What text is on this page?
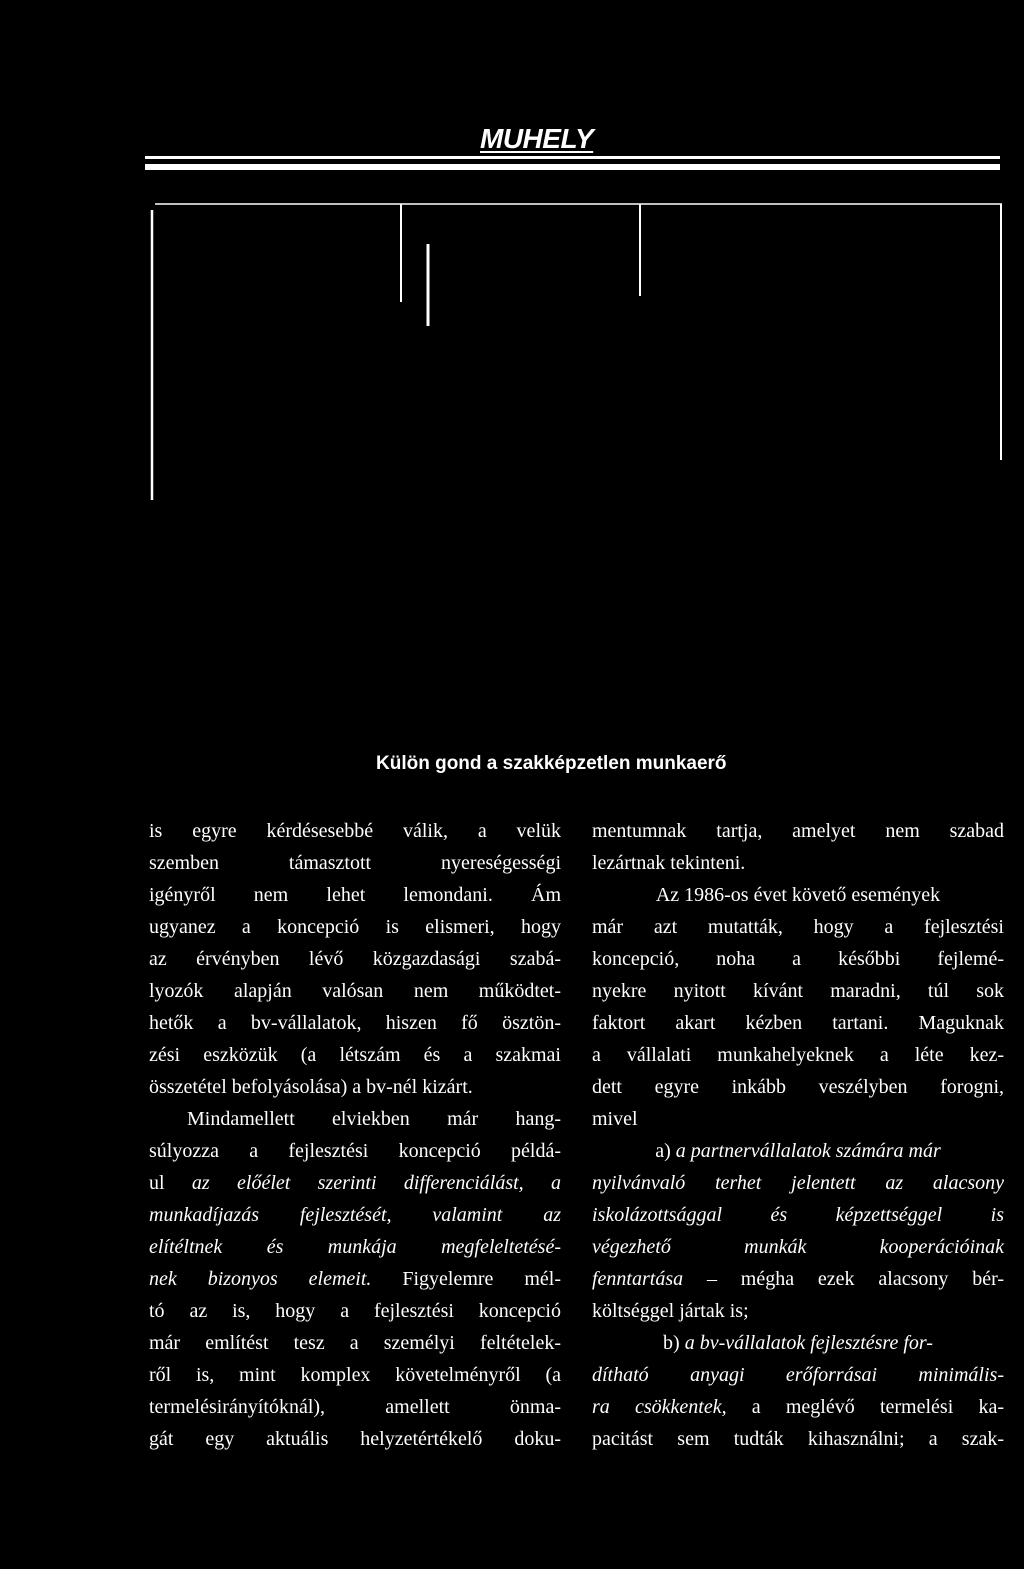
MUHELY

Külön gond a szakképzetlen munkaerő

is egyre kérdésesebbé válik, a velük
szemben támasztott nyereségességi
igényről nem lehet lemondani. Ám
ugyanez a koncepció is elismeri, hogy
az érvényben lévő közgazdasági szabá-
lyozók alapján valósan nem működtet-
hetők a bv-vállalatok, hiszen fő ösztön-
zési eszközük (a létszám és a szakmai
összetétel befolyásolása) a bv-nél kizárt.
Mindamellett elviekben már hang-
súlyozza a fejlesztési koncepció példá-
ul az előélet szerinti differenciálást, a
munkadíjazás fejlesztését, valamint az
elítéltnek és munkája megfeleltetésé-
nek bizonyos elemeit. Figyelemre mél-
tó az is, hogy a fejlesztési koncepció
már említést tesz a személyi feltételek-
ről is, mint komplex követelményről (a
termelésirányítóknál), amellett önma-
gát egy aktuális helyzetértékelő doku-
mentumnak tartja, amelyet nem szabad
lezártnak tekinteni.
Az 1986-os évet követő események
már azt mutatták, hogy a fejlesztési
koncepció, noha a későbbi fejlemé-
nyekre nyitott kívánt maradni, túl sok
faktort akart kézben tartani. Maguknak
a vállalati munkahelyeknek a léte kez-
dett egyre inkább veszélyben forogni,
mivel
a) a partnervállalatok számára már
nyilvánvaló terhet jelentett az alacsony
iskolázottsággal és képzettséggel is
végezhető munkák kooperációinak
fenntartása – mégha ezek alacsony bér-
költséggel jártak is;
b) a bv-vállalatok fejlesztésre for-
dítható anyagi erőforrásai minimális-
ra csökkentek, a meglévő termelési ka-
pacitást sem tudták kihasználni; a szak-
